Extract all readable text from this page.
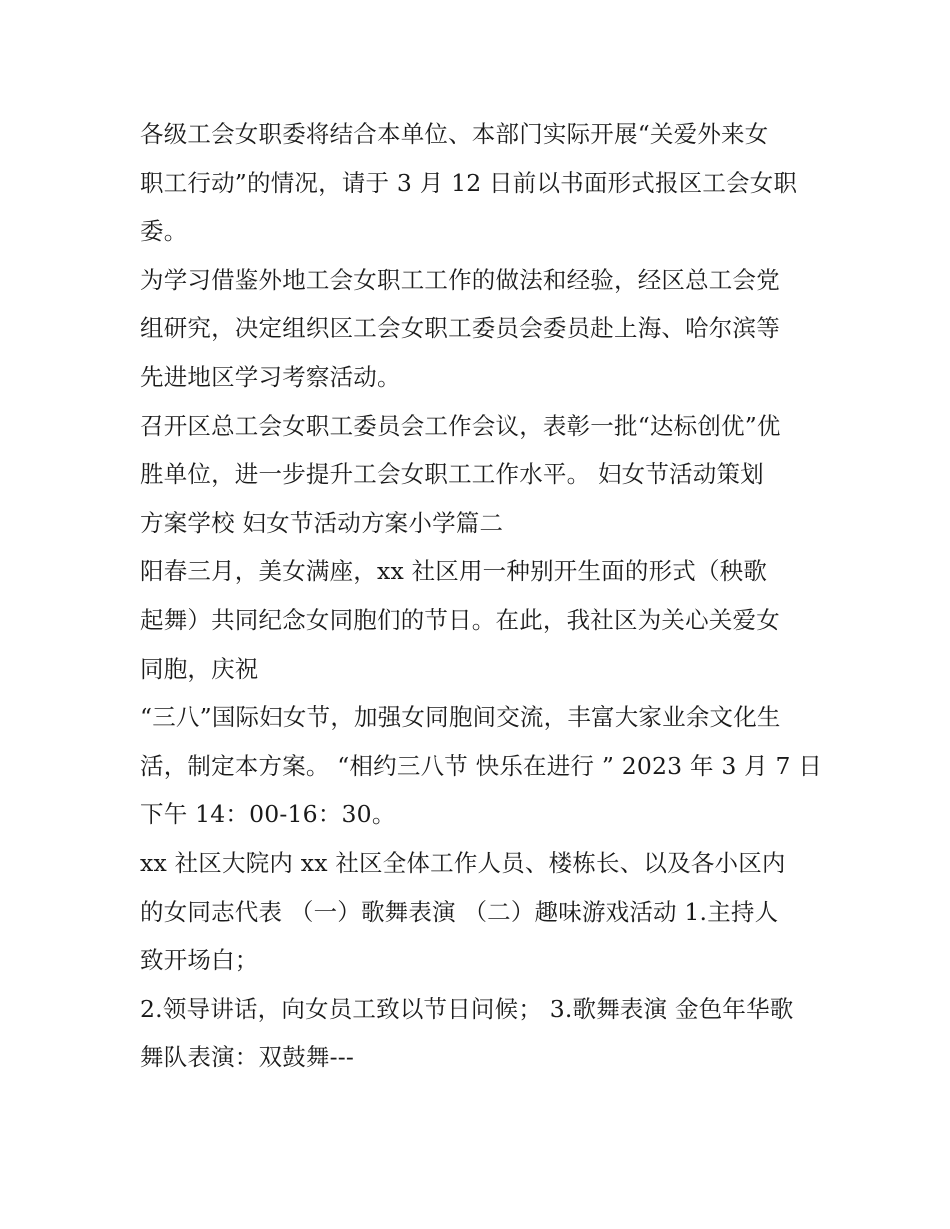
各级工会女职委将结合本单位、本部门实际开展“关爱外来女
职工行动”的情况，请于 3 月 12 日前以书面形式报区工会女职
委。
为学习借鉴外地工会女职工工作的做法和经验，经区总工会党
组研究，决定组织区工会女职工委员会委员赴上海、哈尔滨等
先进地区学习考察活动。
召开区总工会女职工委员会工作会议，表彰一批“达标创优”优
胜单位，进一步提升工会女职工工作水平。 妇女节活动策划
方案学校 妇女节活动方案小学篇二
阳春三月，美女满座，xx 社区用一种别开生面的形式（秧歌
起舞）共同纪念女同胞们的节日。在此，我社区为关心关爱女
同胞，庆祝
“三八”国际妇女节，加强女同胞间交流，丰富大家业余文化生
活，制定本方案。 “相约三八节 快乐在进行 ” 2023 年 3 月 7 日
下午 14：00-16：30。
xx 社区大院内 xx 社区全体工作人员、楼栋长、以及各小区内
的女同志代表 （一）歌舞表演 （二）趣味游戏活动 1.主持人
致开场白；
2.领导讲话，向女员工致以节日问候； 3.歌舞表演 金色年华歌
舞队表演：双鼓舞---
